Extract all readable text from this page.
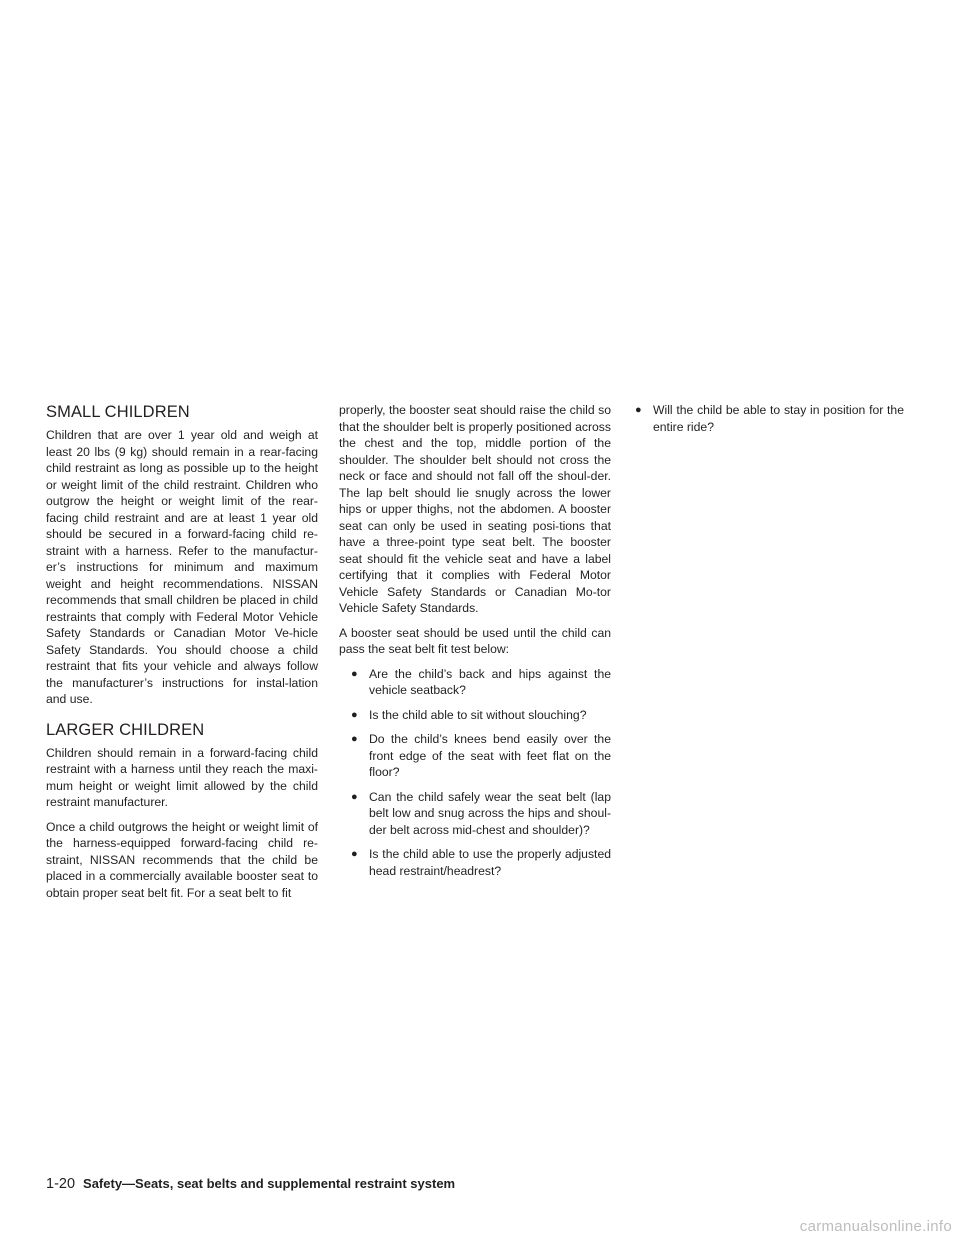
SMALL CHILDREN

Children that are over 1 year old and weigh at least 20 lbs (9 kg) should remain in a rear-facing child restraint as long as possible up to the height or weight limit of the child restraint. Children who outgrow the height or weight limit of the rear-facing child restraint and are at least 1 year old should be secured in a forward-facing child re-straint with a harness. Refer to the manufactur-er’s instructions for minimum and maximum weight and height recommendations. NISSAN recommends that small children be placed in child restraints that comply with Federal Motor Vehicle Safety Standards or Canadian Motor Ve-hicle Safety Standards. You should choose a child restraint that fits your vehicle and always follow the manufacturer’s instructions for instal-lation and use.

LARGER CHILDREN

Children should remain in a forward-facing child restraint with a harness until they reach the maxi-mum height or weight limit allowed by the child restraint manufacturer.

Once a child outgrows the height or weight limit of the harness-equipped forward-facing child re-straint, NISSAN recommends that the child be placed in a commercially available booster seat to obtain proper seat belt fit. For a seat belt to fit

properly, the booster seat should raise the child so that the shoulder belt is properly positioned across the chest and the top, middle portion of the shoulder. The shoulder belt should not cross the neck or face and should not fall off the shoul-der. The lap belt should lie snugly across the lower hips or upper thighs, not the abdomen. A booster seat can only be used in seating posi-tions that have a three-point type seat belt. The booster seat should fit the vehicle seat and have a label certifying that it complies with Federal Motor Vehicle Safety Standards or Canadian Mo-tor Vehicle Safety Standards.

A booster seat should be used until the child can pass the seat belt fit test below:

● Are the child’s back and hips against the vehicle seatback?
● Is the child able to sit without slouching?
● Do the child’s knees bend easily over the front edge of the seat with feet flat on the floor?
● Can the child safely wear the seat belt (lap belt low and snug across the hips and shoul-der belt across mid-chest and shoulder)?
● Is the child able to use the properly adjusted head restraint/headrest?
● Will the child be able to stay in position for the entire ride?
1-20 Safety—Seats, seat belts and supplemental restraint system
carmanualsonline.info
